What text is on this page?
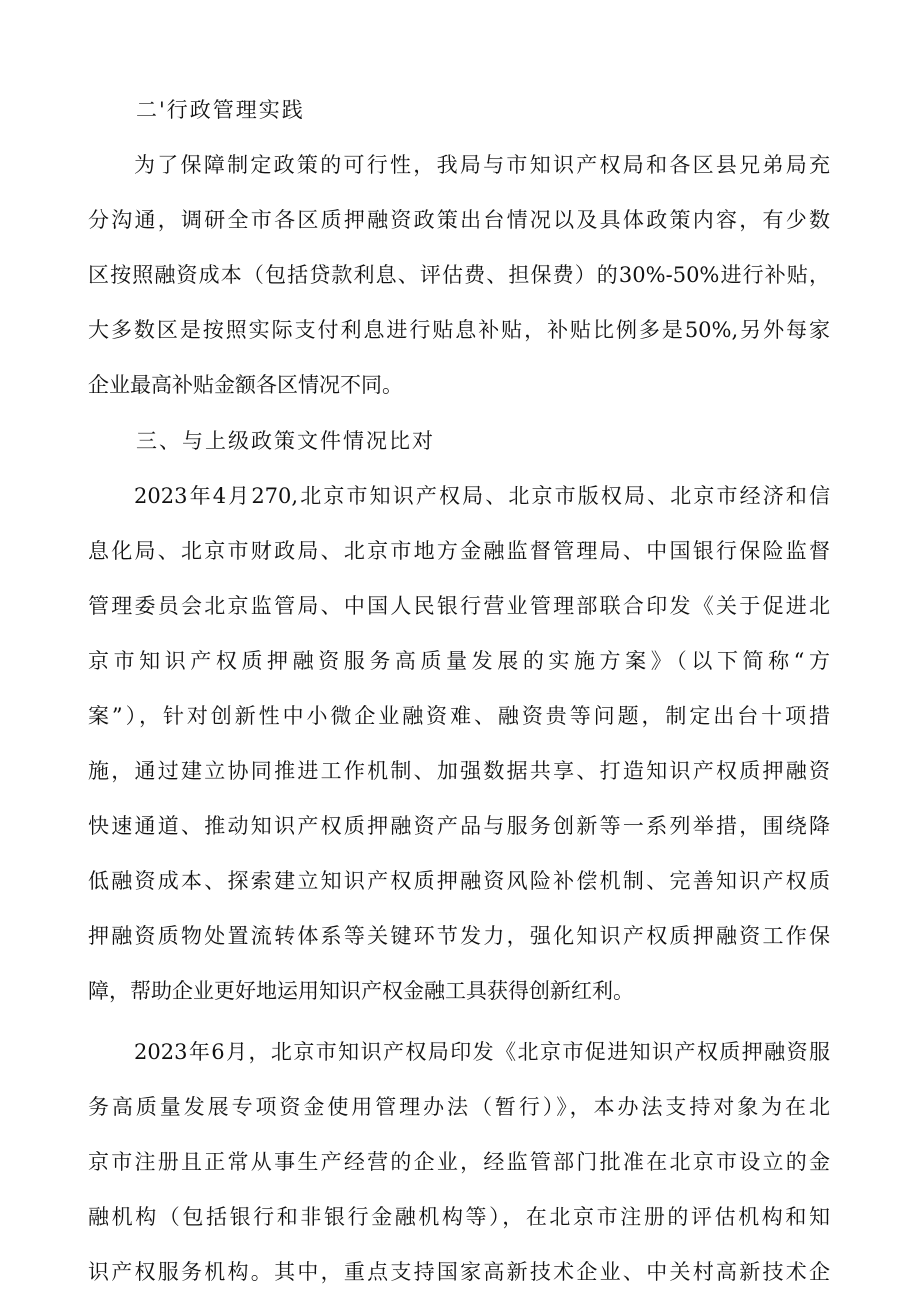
二'行政管理实践
为了保障制定政策的可行性，我局与市知识产权局和各区县兄弟局充
分沟通，调研全市各区质押融资政策出台情况以及具体政策内容，有少数
区按照融资成本（包括贷款利息、评估费、担保费）的30%-50%进行补贴，
大多数区是按照实际支付利息进行贴息补贴，补贴比例多是50%,另外每家
企业最高补贴金额各区情况不同。
三、与上级政策文件情况比对
2023年4月270,北京市知识产权局、北京市版权局、北京市经济和信
息化局、北京市财政局、北京市地方金融监督管理局、中国银行保险监督
管理委员会北京监管局、中国人民银行营业管理部联合印发《关于促进北
京市知识产权质押融资服务高质量发展的实施方案》（以下简称“方
案”），针对创新性中小微企业融资难、融资贵等问题，制定出台十项措
施，通过建立协同推进工作机制、加强数据共享、打造知识产权质押融资
快速通道、推动知识产权质押融资产品与服务创新等一系列举措，围绕降
低融资成本、探索建立知识产权质押融资风险补偿机制、完善知识产权质
押融资质物处置流转体系等关键环节发力，强化知识产权质押融资工作保
障，帮助企业更好地运用知识产权金融工具获得创新红利。
2023年6月，北京市知识产权局印发《北京市促进知识产权质押融资服
务高质量发展专项资金使用管理办法（暂行）》，本办法支持对象为在北
京市注册且正常从事生产经营的企业，经监管部门批准在北京市设立的金
融机构（包括银行和非银行金融机构等），在北京市注册的评估机构和知
识产权服务机构。其中，重点支持国家高新技术企业、中关村高新技术企
